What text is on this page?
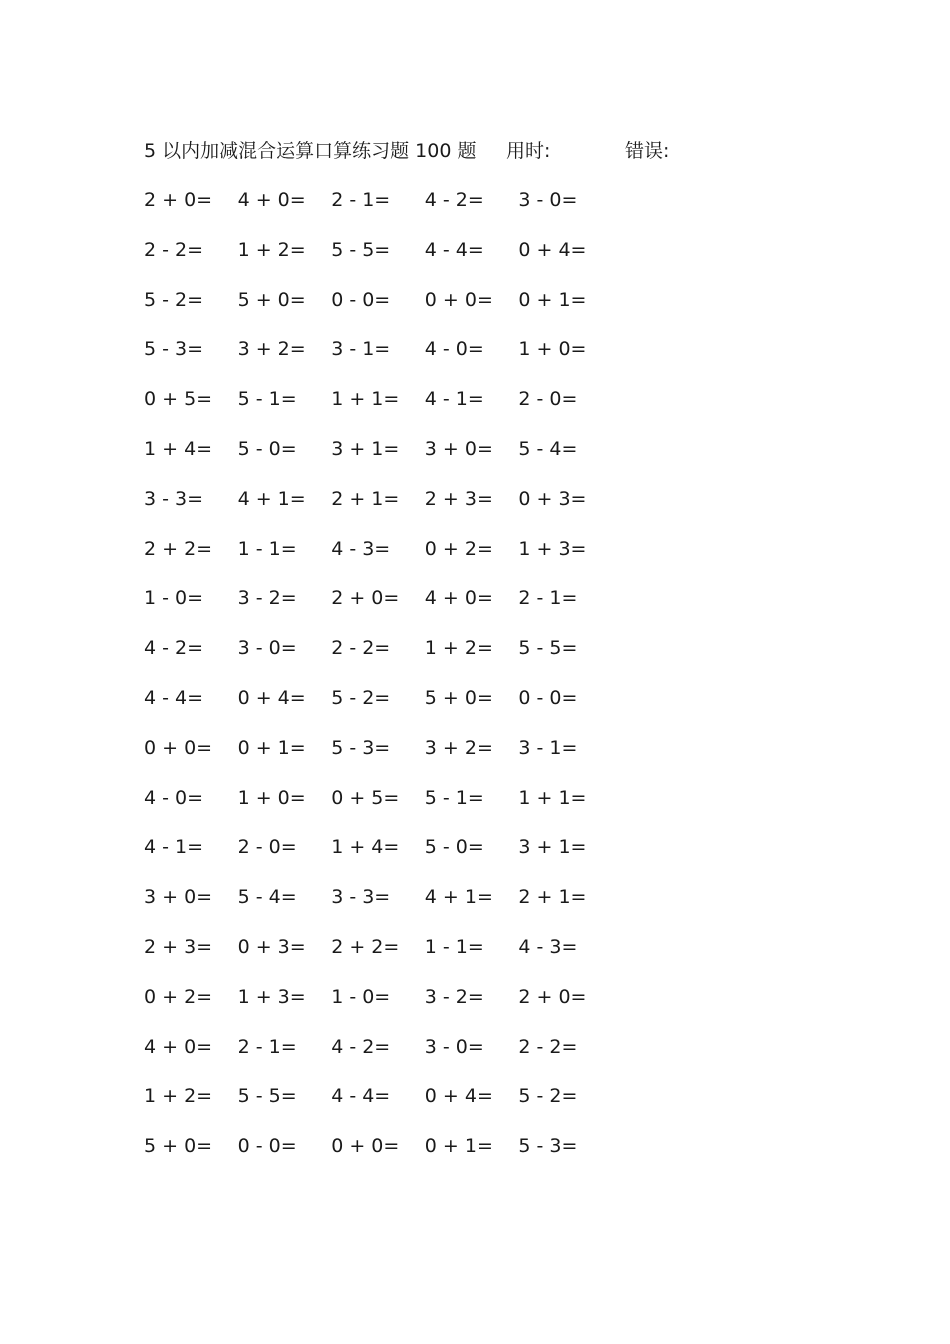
5 以内加减混合运算口算练习题 100 题 用时:	错误:
2 + 0=	4 + 0=	2 - 1=	4 - 2=	3 - 0=
2 - 2=	1 + 2=	5 - 5=	4 - 4=	0 + 4=
5 - 2=	5 + 0=	0 - 0=	0 + 0=	0 + 1=
5 - 3=	3 + 2=	3 - 1=	4 - 0=	1 + 0=
0 + 5=	5 - 1=	1 + 1=	4 - 1=	2 - 0=
1 + 4=	5 - 0=	3 + 1=	3 + 0=	5 - 4=
3 - 3=	4 + 1=	2 + 1=	2 + 3=	0 + 3=
2 + 2=	1 - 1=	4 - 3=	0 + 2=	1 + 3=
1 - 0=	3 - 2=	2 + 0=	4 + 0=	2 - 1=
4 - 2=	3 - 0=	2 - 2=	1 + 2=	5 - 5=
4 - 4=	0 + 4=	5 - 2=	5 + 0=	0 - 0=
0 + 0=	0 + 1=	5 - 3=	3 + 2=	3 - 1=
4 - 0=	1 + 0=	0 + 5=	5 - 1=	1 + 1=
4 - 1=	2 - 0=	1 + 4=	5 - 0=	3 + 1=
3 + 0=	5 - 4=	3 - 3=	4 + 1=	2 + 1=
2 + 3=	0 + 3=	2 + 2=	1 - 1=	4 - 3=
0 + 2=	1 + 3=	1 - 0=	3 - 2=	2 + 0=
4 + 0=	2 - 1=	4 - 2=	3 - 0=	2 - 2=
1 + 2=	5 - 5=	4 - 4=	0 + 4=	5 - 2=
5 + 0=	0 - 0=	0 + 0=	0 + 1=	5 - 3=
